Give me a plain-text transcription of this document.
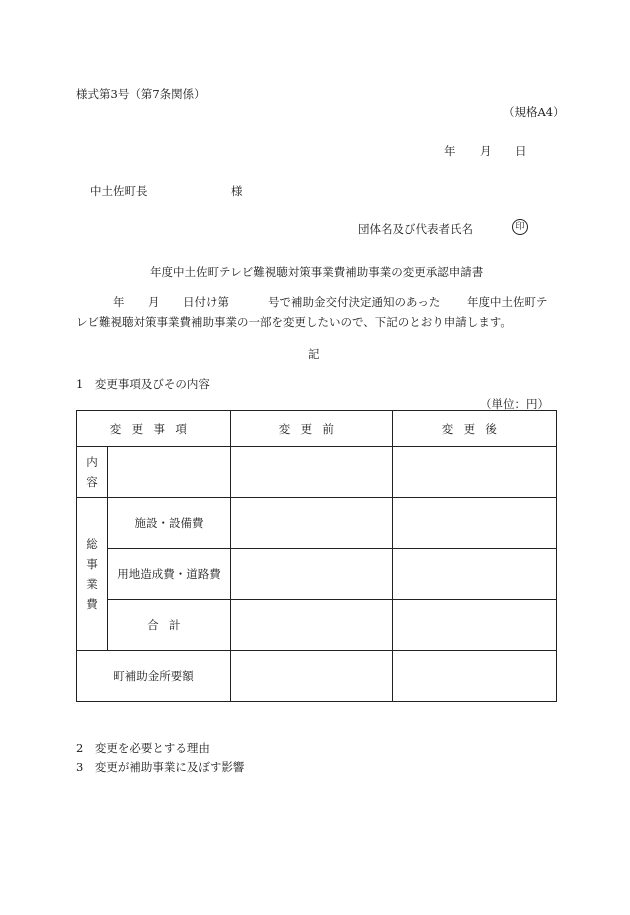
様式第3号（第7条関係）
（規格A4）
年 月 日
中土佐町長	様
団体名及び代表者氏名	印
年度中土佐町テレビ難視聴対策事業費補助事業の変更承認申請書
年 月 日付け第	号で補助金交付決定通知のあった 年度中土佐町テ
レビ難視聴対策事業費補助事業の一部を変更したいので、下記のとおり申請します。
記
1　変更事項及びその内容
（単位：円）
変更事項		変更前	変更後
内容			
総事業費	施設・設備費		
	用地造成費・道路費		
	合計		
町補助金所要額			
2　変更を必要とする理由
3　変更が補助事業に及ぼす影響
